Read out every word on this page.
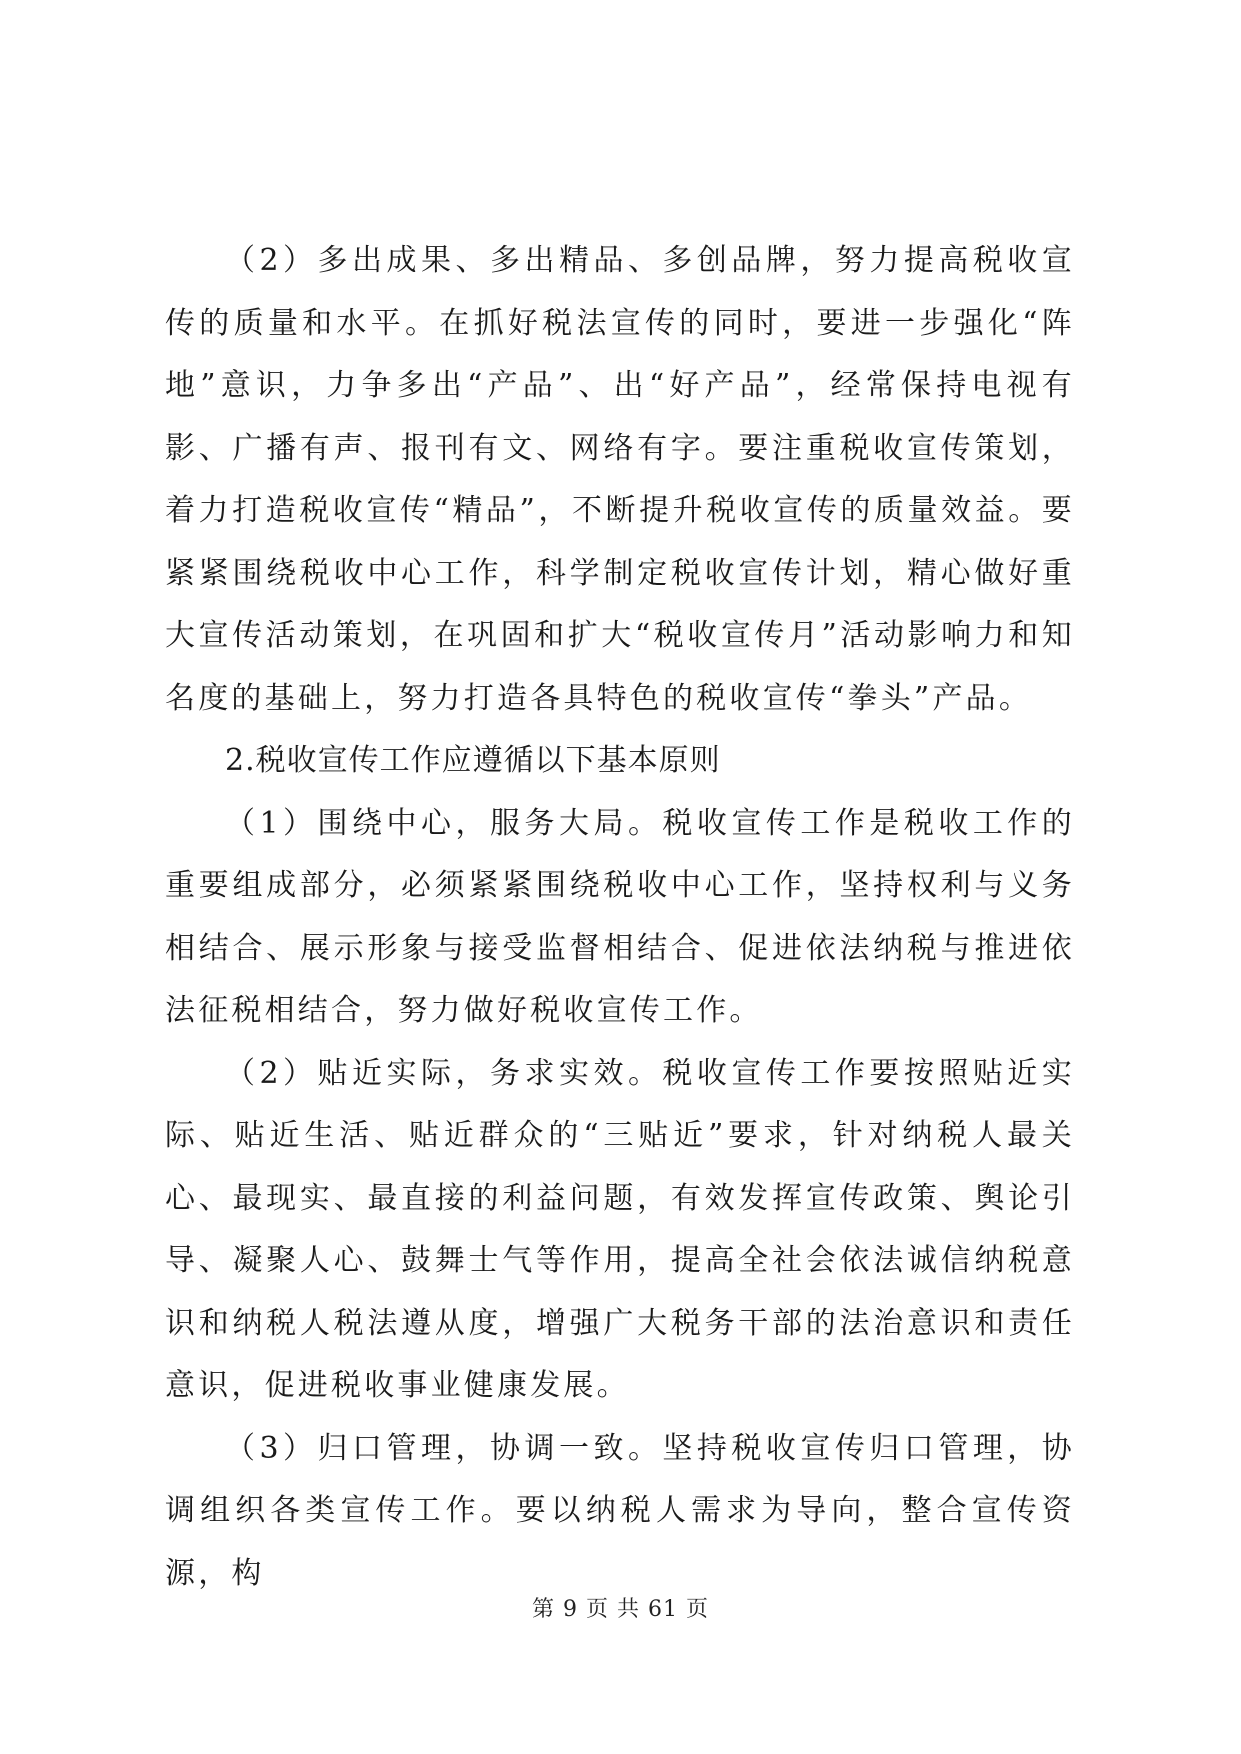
（2）多出成果、多出精品、多创品牌，努力提高税收宣传的质量和水平。在抓好税法宣传的同时，要进一步强化“阵地”意识，力争多出“产品”、出“好产品”，经常保持电视有影、广播有声、报刊有文、网络有字。要注重税收宣传策划，着力打造税收宣传“精品”，不断提升税收宣传的质量效益。要紧紧围绕税收中心工作，科学制定税收宣传计划，精心做好重大宣传活动策划，在巩固和扩大“税收宣传月”活动影响力和知名度的基础上，努力打造各具特色的税收宣传“拳头”产品。

2.税收宣传工作应遵循以下基本原则

（1）围绕中心，服务大局。税收宣传工作是税收工作的重要组成部分，必须紧紧围绕税收中心工作，坚持权利与义务相结合、展示形象与接受监督相结合、促进依法纳税与推进依法征税相结合，努力做好税收宣传工作。

（2）贴近实际，务求实效。税收宣传工作要按照贴近实际、贴近生活、贴近群众的“三贴近”要求，针对纳税人最关心、最现实、最直接的利益问题，有效发挥宣传政策、舆论引导、凝聚人心、鼓舞士气等作用，提高全社会依法诚信纳税意识和纳税人税法遵从度，增强广大税务干部的法治意识和责任意识，促进税收事业健康发展。

（3）归口管理，协调一致。坚持税收宣传归口管理，协调组织各类宣传工作。要以纳税人需求为导向，整合宣传资源，构

第 9 页 共 61 页
